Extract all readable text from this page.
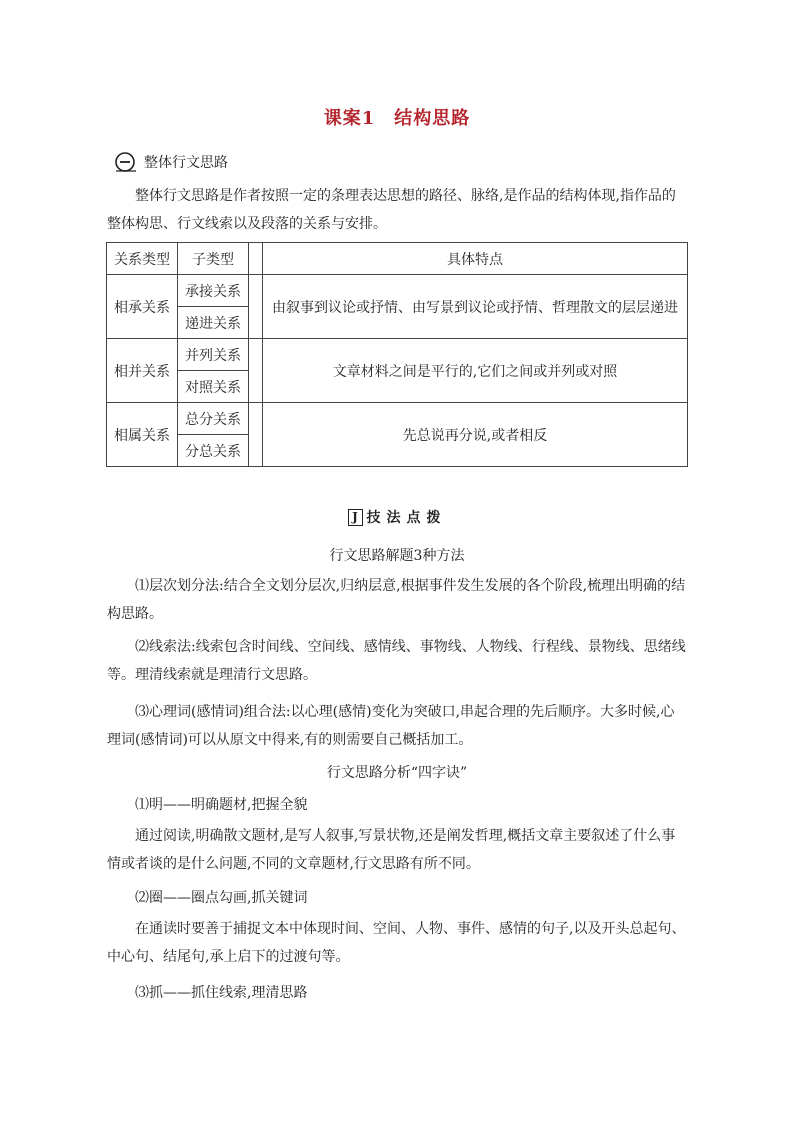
课案1　结构思路
整体行文思路

整体行文思路是作者按照一定的条理表达思想的路径、脉络,是作品的结构体现,指作品的整体构思、行文线索以及段落的关系与安排。

关系类型	子类型		具体特点
相承关系	承接关系		由叙事到议论或抒情、由写景到议论或抒情、哲理散文的层层递进
	递进关系		
相并关系	并列关系		文章材料之间是平行的,它们之间或并列或对照
	对照关系		
相属关系	总分关系		先总说再分说,或者相反
	分总关系		
J 技法点拨

行文思路解题3种方法

⑴层次划分法:结合全文划分层次,归纳层意,根据事件发生发展的各个阶段,梳理出明确的结构思路。

⑵线索法:线索包含时间线、空间线、感情线、事物线、人物线、行程线、景物线、思绪线等。理清线索就是理清行文思路。

⑶心理词(感情词)组合法:以心理(感情)变化为突破口,串起合理的先后顺序。大多时候,心理词(感情词)可以从原文中得来,有的则需要自己概括加工。

行文思路分析“四字诀”

⑴明——明确题材,把握全貌

通过阅读,明确散文题材,是写人叙事,写景状物,还是阐发哲理,概括文章主要叙述了什么事情或者谈的是什么问题,不同的文章题材,行文思路有所不同。

⑵圈——圈点勾画,抓关键词

在通读时要善于捕捉文本中体现时间、空间、人物、事件、感情的句子,以及开头总起句、中心句、结尾句,承上启下的过渡句等。

⑶抓——抓住线索,理清思路
